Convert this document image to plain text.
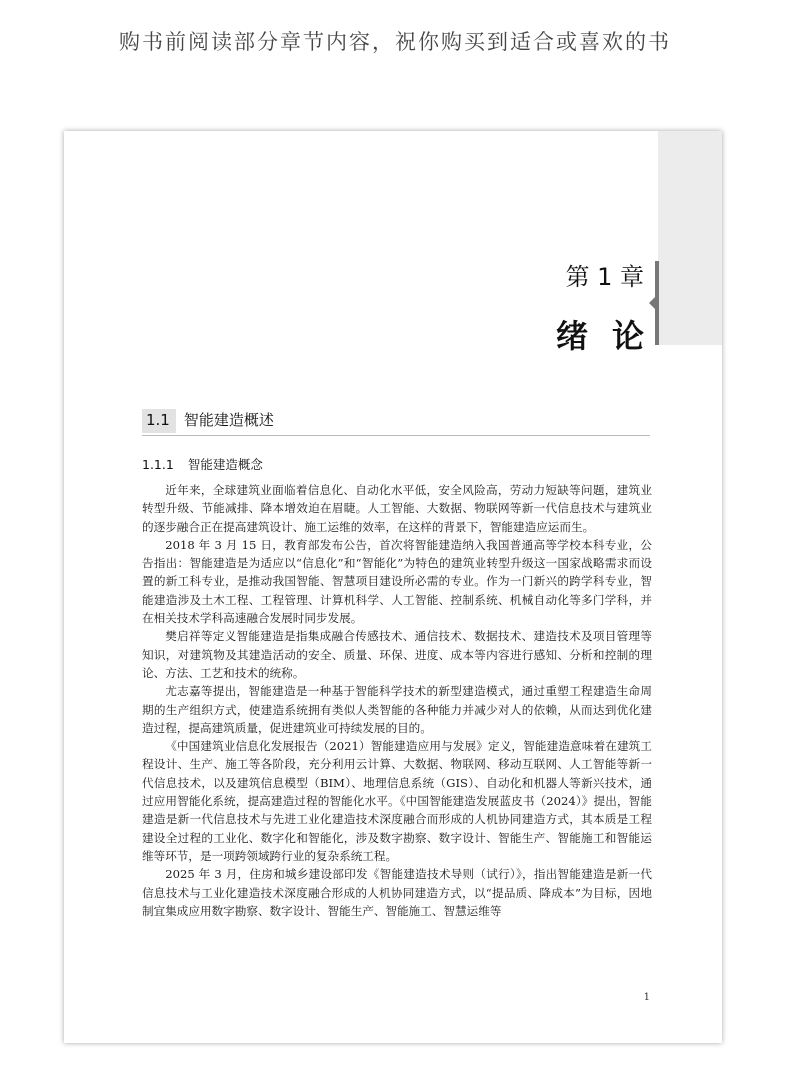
购书前阅读部分章节内容，祝你购买到适合或喜欢的书
第 1 章
绪论
1.1 智能建造概述
1.1.1 智能建造概念

近年来，全球建筑业面临着信息化、自动化水平低，安全风险高，劳动力短缺等问题，建筑业转型升级、节能减排、降本增效迫在眉睫。人工智能、大数据、物联网等新一代信息技术与建筑业的逐步融合正在提高建筑设计、施工运维的效率，在这样的背景下，智能建造应运而生。

2018 年 3 月 15 日，教育部发布公告，首次将智能建造纳入我国普通高等学校本科专业，公告指出：智能建造是为适应以“信息化”和“智能化”为特色的建筑业转型升级这一国家战略需求而设置的新工科专业，是推动我国智能、智慧项目建设所必需的专业。作为一门新兴的跨学科专业，智能建造涉及土木工程、工程管理、计算机科学、人工智能、控制系统、机械自动化等多门学科，并在相关技术学科高速融合发展时同步发展。

樊启祥等定义智能建造是指集成融合传感技术、通信技术、数据技术、建造技术及项目管理等知识，对建筑物及其建造活动的安全、质量、环保、进度、成本等内容进行感知、分析和控制的理论、方法、工艺和技术的统称。

尤志嘉等提出，智能建造是一种基于智能科学技术的新型建造模式，通过重塑工程建造生命周期的生产组织方式，使建造系统拥有类似人类智能的各种能力并减少对人的依赖，从而达到优化建造过程，提高建筑质量，促进建筑业可持续发展的目的。

《中国建筑业信息化发展报告（2021）智能建造应用与发展》定义，智能建造意味着在建筑工程设计、生产、施工等各阶段，充分利用云计算、大数据、物联网、移动互联网、人工智能等新一代信息技术，以及建筑信息模型（BIM）、地理信息系统（GIS）、自动化和机器人等新兴技术，通过应用智能化系统，提高建造过程的智能化水平。《中国智能建造发展蓝皮书（2024）》提出，智能建造是新一代信息技术与先进工业化建造技术深度融合而形成的人机协同建造方式，其本质是工程建设全过程的工业化、数字化和智能化，涉及数字勘察、数字设计、智能生产、智能施工和智能运维等环节，是一项跨领域跨行业的复杂系统工程。

2025 年 3 月，住房和城乡建设部印发《智能建造技术导则（试行）》，指出智能建造是新一代信息技术与工业化建造技术深度融合形成的人机协同建造方式，以“提品质、降成本”为目标，因地制宜集成应用数字勘察、数字设计、智能生产、智能施工、智慧运维等

1
